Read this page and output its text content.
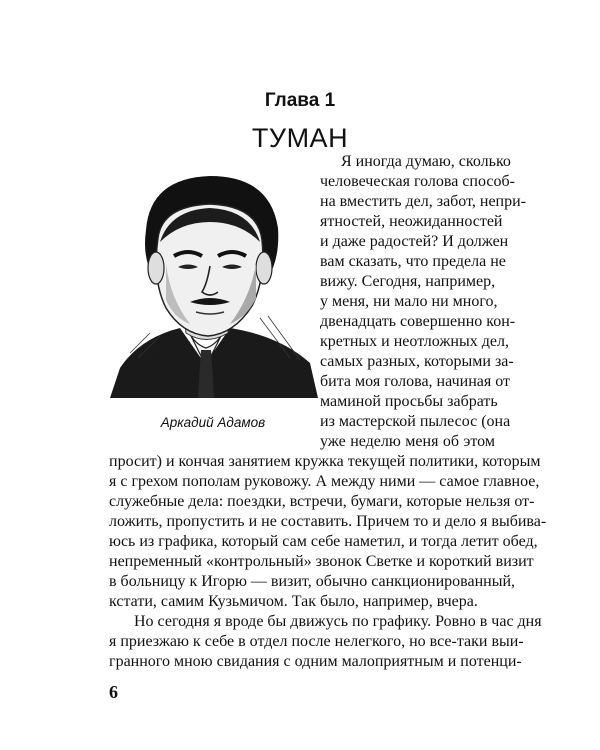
Глава 1
ТУМАН
Аркадий Адамов

Я иногда думаю, сколько

человеческая голова способ-

на вместить дел, забот, непри-

ятностей, неожиданностей

и даже радостей? И должен

вам сказать, что предела не

вижу. Сегодня, например,

у меня, ни мало ни много,

двенадцать совершенно кон-

кретных и неотложных дел,

самых разных, которыми за-

бита моя голова, начиная от

маминой просьбы забрать

из мастерской пылесос (она

уже неделю меня об этом

просит) и кончая занятием кружка текущей политики, которым

я с грехом пополам руковожу. А между ними — самое главное,

служебные дела: поездки, встречи, бумаги, которые нельзя от-

ложить, пропустить и не составить. Причем то и дело я выбива-

юсь из графика, который сам себе наметил, и тогда летит обед,

непременный «контрольный» звонок Светке и короткий визит

в больницу к Игорю — визит, обычно санкционированный,

кстати, самим Кузьмичом. Так было, например, вчера.

Но сегодня я вроде бы движусь по графику. Ровно в час дня

я приезжаю к себе в отдел после нелегкого, но все-таки выи-

гранного мною свидания с одним малоприятным и потенци-

6
